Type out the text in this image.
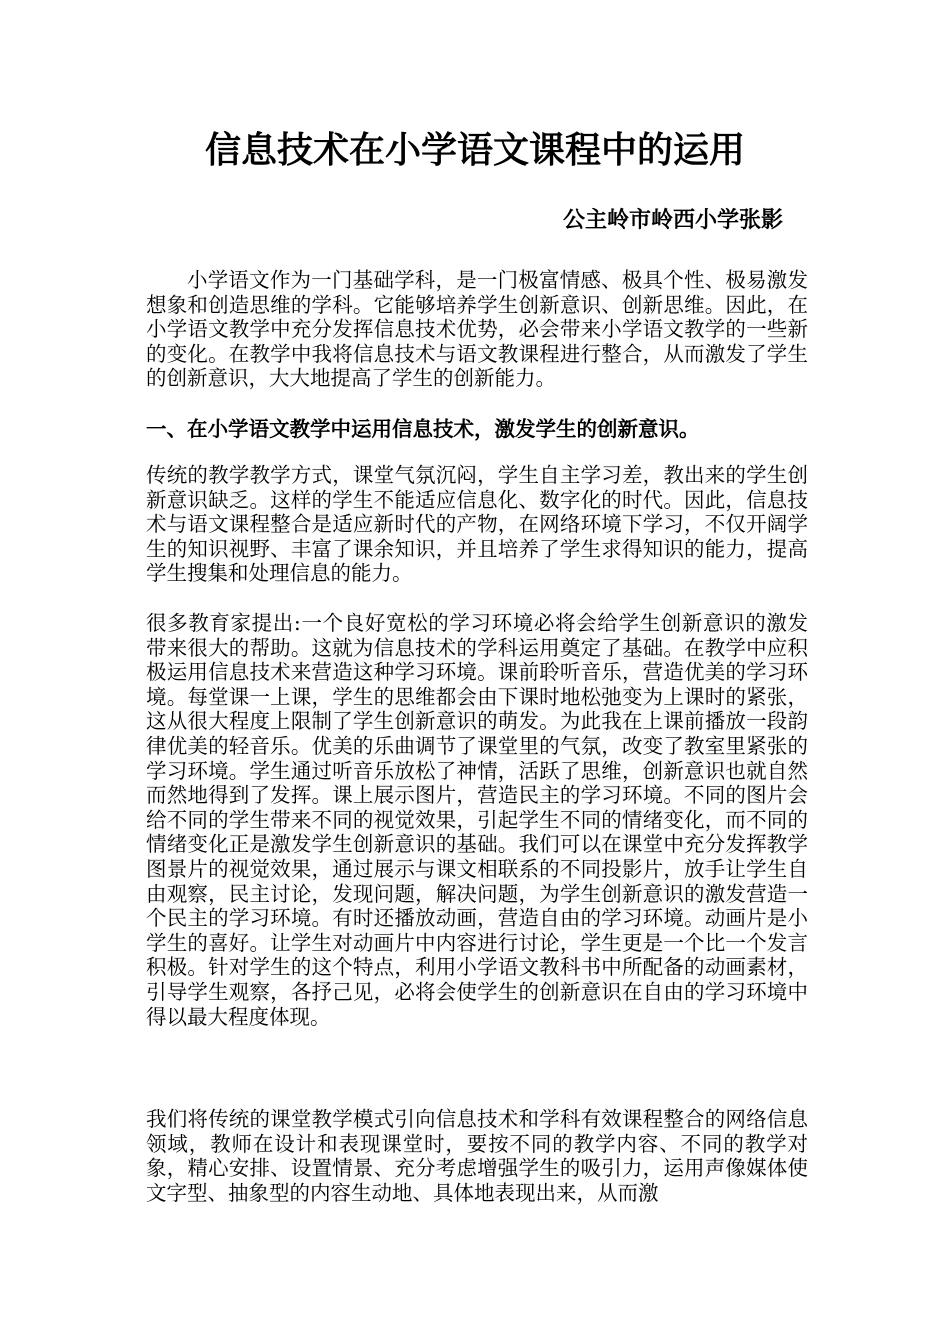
信息技术在小学语文课程中的运用
公主岭市岭西小学张影
小学语文作为一门基础学科，是一门极富情感、极具个性、极易激发想象和创造思维的学科。它能够培养学生创新意识、创新思维。因此，在小学语文教学中充分发挥信息技术优势，必会带来小学语文教学的一些新的变化。在教学中我将信息技术与语文教课程进行整合，从而激发了学生的创新意识，大大地提高了学生的创新能力。
一、在小学语文教学中运用信息技术，激发学生的创新意识。
传统的教学教学方式，课堂气氛沉闷，学生自主学习差，教出来的学生创新意识缺乏。这样的学生不能适应信息化、数字化的时代。因此，信息技术与语文课程整合是适应新时代的产物，在网络环境下学习，不仅开阔学生的知识视野、丰富了课余知识，并且培养了学生求得知识的能力，提高学生搜集和处理信息的能力。
很多教育家提出:一个良好宽松的学习环境必将会给学生创新意识的激发带来很大的帮助。这就为信息技术的学科运用奠定了基础。在教学中应积极运用信息技术来营造这种学习环境。课前聆听音乐，营造优美的学习环境。每堂课一上课，学生的思维都会由下课时地松弛变为上课时的紧张，这从很大程度上限制了学生创新意识的萌发。为此我在上课前播放一段韵律优美的轻音乐。优美的乐曲调节了课堂里的气氛，改变了教室里紧张的学习环境。学生通过听音乐放松了神情，活跃了思维，创新意识也就自然而然地得到了发挥。课上展示图片，营造民主的学习环境。不同的图片会给不同的学生带来不同的视觉效果，引起学生不同的情绪变化，而不同的情绪变化正是激发学生创新意识的基础。我们可以在课堂中充分发挥教学图景片的视觉效果，通过展示与课文相联系的不同投影片，放手让学生自由观察，民主讨论，发现问题，解决问题，为学生创新意识的激发营造一个民主的学习环境。有时还播放动画，营造自由的学习环境。动画片是小学生的喜好。让学生对动画片中内容进行讨论，学生更是一个比一个发言积极。针对学生的这个特点，利用小学语文教科书中所配备的动画素材，引导学生观察，各抒己见，必将会使学生的创新意识在自由的学习环境中得以最大程度体现。
我们将传统的课堂教学模式引向信息技术和学科有效课程整合的网络信息领域，教师在设计和表现课堂时，要按不同的教学内容、不同的教学对象，精心安排、设置情景、充分考虑增强学生的吸引力，运用声像媒体使文字型、抽象型的内容生动地、具体地表现出来，从而激
